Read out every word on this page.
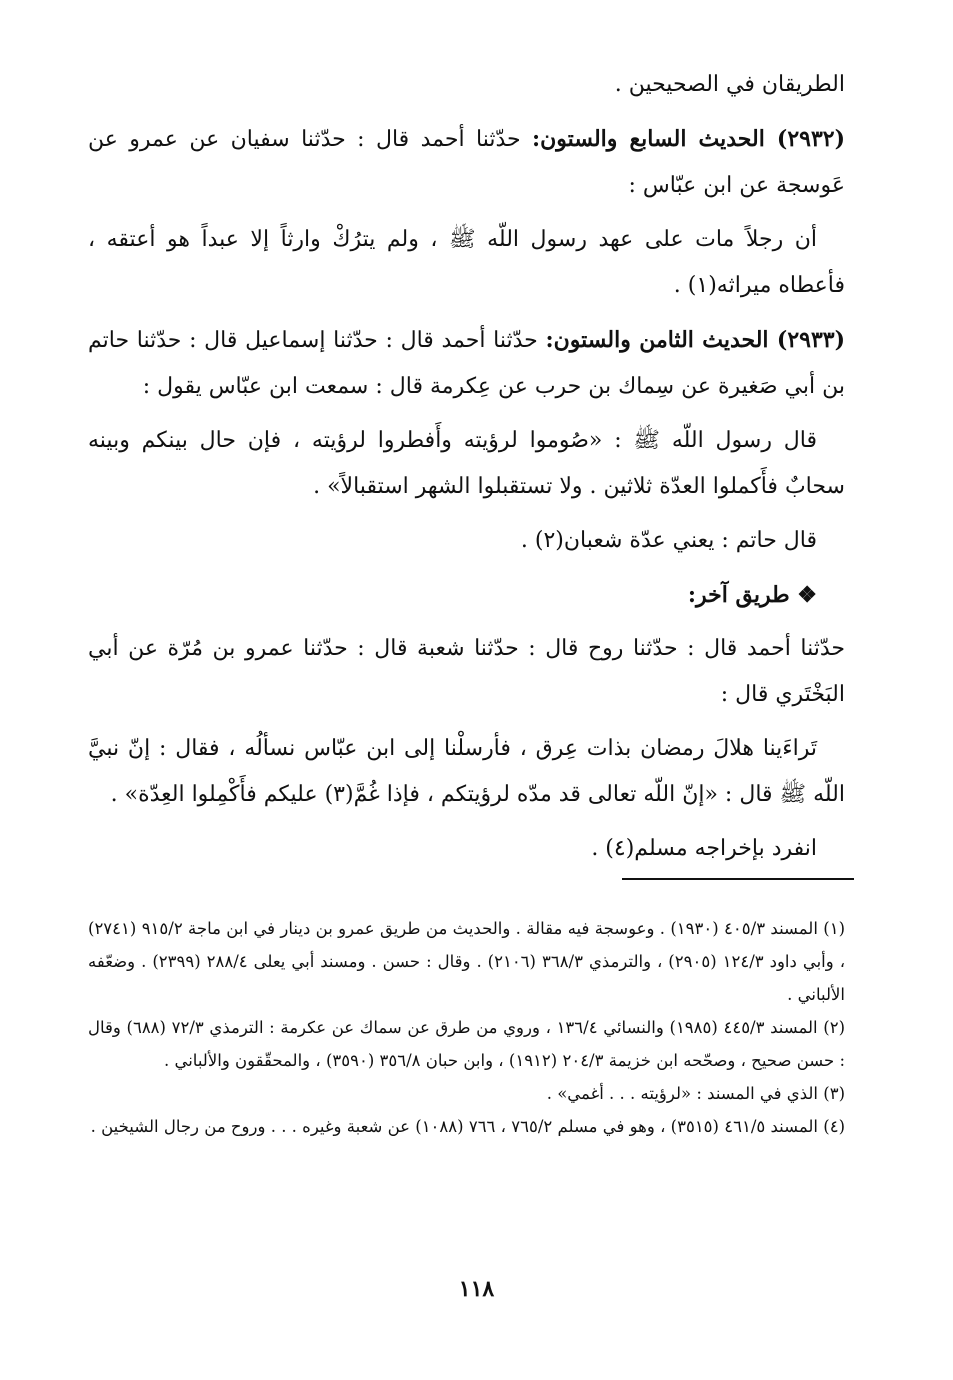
الطريقان في الصحيحين .

(٢٩٣٢) الحديث السابع والستون: حدّثنا أحمد قال : حدّثنا سفيان عن عمرو عن عَوسجة عن ابن عبّاس :

أن رجلاً مات على عهد رسول اللّه ﷺ ، ولم يترُكْ وارثاً إلا عبداً هو أعتقه ، فأعطاه ميراثه(١) .

(٢٩٣٣) الحديث الثامن والستون: حدّثنا أحمد قال : حدّثنا إسماعيل قال : حدّثنا حاتم بن أبي صَغيرة عن سِماك بن حرب عن عِكرمة قال : سمعت ابن عبّاس يقول :

قال رسول اللّه ﷺ : «صُوموا لرؤيته وأَفطروا لرؤيته ، فإن حال بينكم وبينه سحابٌ فأَكملوا العدّة ثلاثين . ولا تستقبلوا الشهر استقبالاً» .

قال حاتم : يعني عدّة شعبان(٢) .

❖ طريق آخر:

حدّثنا أحمد قال : حدّثنا روح قال : حدّثنا شعبة قال : حدّثنا عمرو بن مُرّة عن أبي البَخْتَري قال :

تَراءَينا هلالَ رمضان بذات عِرق ، فأرسلْنا إلى ابن عبّاس نسألُه ، فقال : إنّ نبيَّ اللّه ﷺ قال : «إنّ اللّه تعالى قد مدّه لرؤيتكم ، فإذا غُمَّ(٣) عليكم فأَكْمِلوا العِدّة» .

انفرد بإخراجه مسلم(٤) .

(١) المسند ٤٠٥/٣ (١٩٣٠) . وعوسجة فيه مقالة . والحديث من طريق عمرو بن دينار في ابن ماجة ٩١٥/٢ (٢٧٤١) ، وأبي داود ١٢٤/٣ (٢٩٠٥) ، والترمذي ٣٦٨/٣ (٢١٠٦) . وقال : حسن . ومسند أبي يعلى ٢٨٨/٤ (٢٣٩٩) . وضعّفه الألباني .

(٢) المسند ٤٤٥/٣ (١٩٨٥) والنسائي ١٣٦/٤ ، وروي من طرق عن سماك عن عكرمة : الترمذي ٧٢/٣ (٦٨٨) وقال : حسن صحيح ، وصحّحه ابن خزيمة ٢٠٤/٣ (١٩١٢) ، وابن حبان ٣٥٦/٨ (٣٥٩٠) ، والمحقّقون والألباني .

(٣) الذي في المسند : «لرؤيته . . . أغمي» .

(٤) المسند ٤٦١/٥ (٣٥١٥) ، وهو في مسلم ٧٦٥/٢ ، ٧٦٦ (١٠٨٨) عن شعبة وغيره . . . وروح من رجال الشيخين .

١١٨
